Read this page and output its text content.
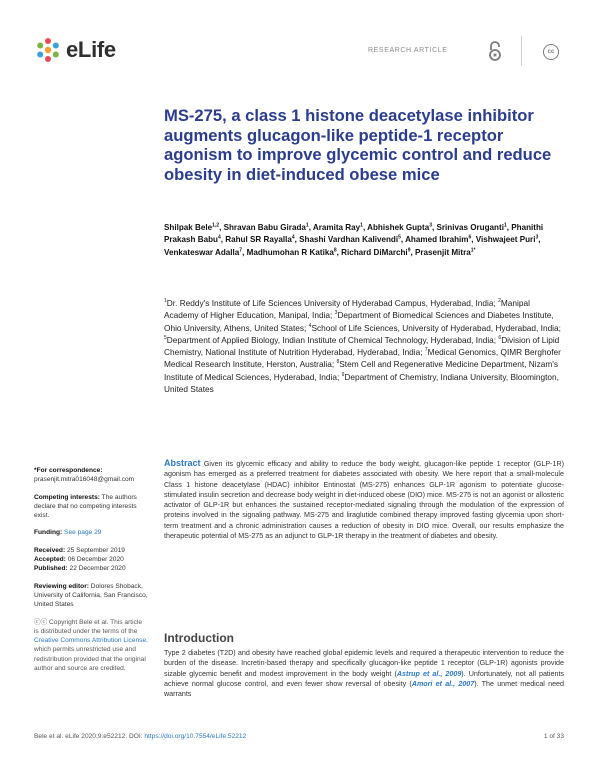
eLife	RESEARCH ARTICLE	cc
MS-275, a class 1 histone deacetylase inhibitor augments glucagon-like peptide-1 receptor agonism to improve glycemic control and reduce obesity in diet-induced obese mice

Shilpak Bele$^{1,2}$, Shravan Babu Girada$^1$, Aramita Ray$^1$, Abhishek Gupta$^3$, Srinivas Oruganti$^1$, Phanithi Prakash Babu$^4$, Rahul SR Rayalla$^4$, Shashi Vardhan Kalivendi$^5$, Ahamed Ibrahim$^6$, Vishwajeet Puri$^3$, Venkateswar Adalla$^7$, Madhumohan R Katika$^8$, Richard DiMarchi$^9$, Prasenjit Mitra$^{1*}$

$^1$Dr. Reddy's Institute of Life Sciences University of Hyderabad Campus, Hyderabad, India; $^2$Manipal Academy of Higher Education, Manipal, India; $^3$Department of Biomedical Sciences and Diabetes Institute, Ohio University, Athens, United States; $^4$School of Life Sciences, University of Hyderabad, Hyderabad, India; $^5$Department of Applied Biology, Indian Institute of Chemical Technology, Hyderabad, India; $^6$Division of Lipid Chemistry, National Institute of Nutrition Hyderabad, Hyderabad, India; $^7$Medical Genomics, QIMR Berghofer Medical Research Institute, Herston, Australia; $^8$Stem Cell and Regenerative Medicine Department, Nizam's Institute of Medical Sciences, Hyderabad, India; $^9$Department of Chemistry, Indiana University, Bloomington, United States

*For correspondence:
prasenjit.mitra016048@gmail.com
Competing interests: The authors declare that no competing interests exist.
Funding: See page 29
Received: 25 September 2019
Accepted: 06 December 2020
Published: 22 December 2020
Reviewing editor: Dolores Shoback, University of California, San Francisco, United States
ⓒⓒ Copyright Bele et al. This article is distributed under the terms of the Creative Commons Attribution License, which permits unrestricted use and redistribution provided that the original author and source are credited.

Abstract Given its glycemic efficacy and ability to reduce the body weight, glucagon-like peptide 1 receptor (GLP-1R) agonism has emerged as a preferred treatment for diabetes associated with obesity. We here report that a small-molecule Class 1 histone deacetylase (HDAC) inhibitor Entinostat (MS-275) enhances GLP-1R agonism to potentiate glucose-stimulated insulin secretion and decrease body weight in diet-induced obese (DIO) mice. MS-275 is not an agonist or allosteric activator of GLP-1R but enhances the sustained receptor-mediated signaling through the modulation of the expression of proteins involved in the signaling pathway. MS-275 and liraglutide combined therapy improved fasting glycemia upon short-term treatment and a chronic administration causes a reduction of obesity in DIO mice. Overall, our results emphasize the therapeutic potential of MS-275 as an adjunct to GLP-1R therapy in the treatment of diabetes and obesity.

Introduction

Type 2 diabetes (T2D) and obesity have reached global epidemic levels and required a therapeutic intervention to reduce the burden of the disease. Incretin-based therapy and specifically glucagon-like peptide 1 receptor (GLP-1R) agonists provide sizable glycemic benefit and modest improvement in the body weight (Astrup et al., 2009). Unfortunately, not all patients achieve normal glucose control, and even fewer show reversal of obesity (Amori et al., 2007). The unmet medical need warrants

Bele et al. eLife 2020;9:e52212. DOI: https://doi.org/10.7554/eLife.52212	1 of 33
